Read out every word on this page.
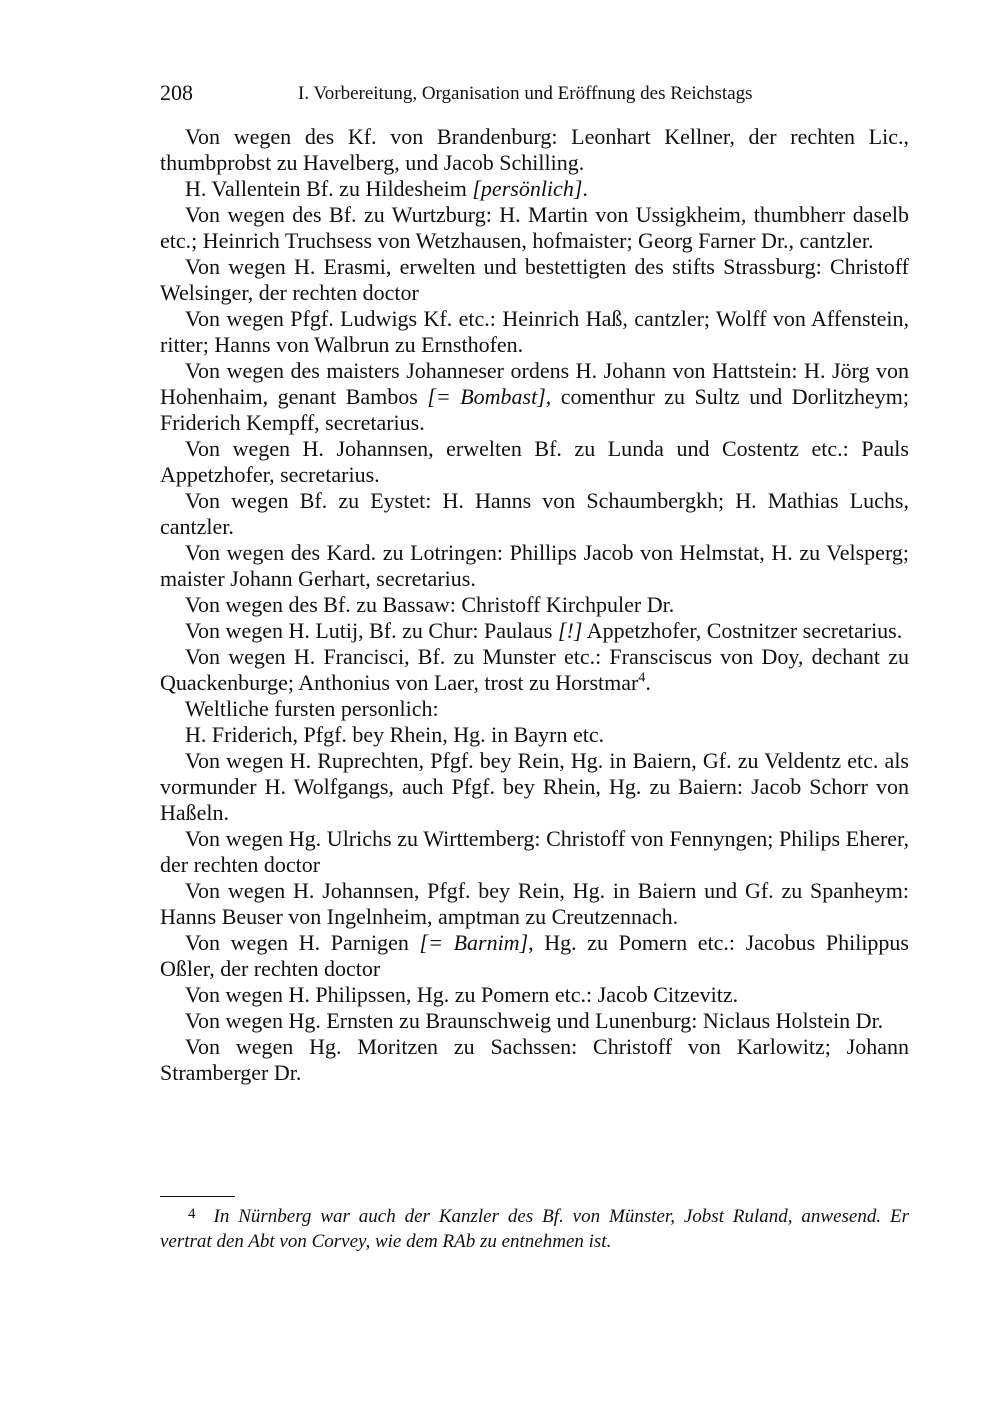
208	I. Vorbereitung, Organisation und Eröffnung des Reichstags

Von wegen des Kf. von Brandenburg: Leonhart Kellner, der rechten Lic., thumbprobst zu Havelberg, und Jacob Schilling.

H. Vallentein Bf. zu Hildesheim [persönlich].

Von wegen des Bf. zu Wurtzburg: H. Martin von Ussigkheim, thumbherr daselb etc.; Heinrich Truchsess von Wetzhausen, hofmaister; Georg Farner Dr., cantzler.

Von wegen H. Erasmi, erwelten und bestettigten des stifts Strassburg: Christoff Welsinger, der rechten doctor

Von wegen Pfgf. Ludwigs Kf. etc.: Heinrich Haß, cantzler; Wolff von Affenstein, ritter; Hanns von Walbrun zu Ernsthofen.

Von wegen des maisters Johanneser ordens H. Johann von Hattstein: H. Jörg von Hohenhaim, genant Bambos [= Bombast], comenthur zu Sultz und Dorlitzheym; Friderich Kempff, secretarius.

Von wegen H. Johannsen, erwelten Bf. zu Lunda und Costentz etc.: Pauls Appetzhofer, secretarius.

Von wegen Bf. zu Eystet: H. Hanns von Schaumbergkh; H. Mathias Luchs, cantzler.

Von wegen des Kard. zu Lotringen: Phillips Jacob von Helmstat, H. zu Velsperg; maister Johann Gerhart, secretarius.

Von wegen des Bf. zu Bassaw: Christoff Kirchpuler Dr.

Von wegen H. Lutij, Bf. zu Chur: Paulaus [!] Appetzhofer, Costnitzer secretarius.

Von wegen H. Francisci, Bf. zu Munster etc.: Fransciscus von Doy, dechant zu Quackenburge; Anthonius von Laer, trost zu Horstmar$^4$.

Weltliche fursten personlich:

H. Friderich, Pfgf. bey Rhein, Hg. in Bayrn etc.

Von wegen H. Ruprechten, Pfgf. bey Rein, Hg. in Baiern, Gf. zu Veldentz etc. als vormunder H. Wolfgangs, auch Pfgf. bey Rhein, Hg. zu Baiern: Jacob Schorr von Haßeln.

Von wegen Hg. Ulrichs zu Wirttemberg: Christoff von Fennyngen; Philips Eherer, der rechten doctor

Von wegen H. Johannsen, Pfgf. bey Rein, Hg. in Baiern und Gf. zu Spanheym: Hanns Beuser von Ingelnheim, amptman zu Creutzennach.

Von wegen H. Parnigen [= Barnim], Hg. zu Pomern etc.: Jacobus Philippus Oßler, der rechten doctor

Von wegen H. Philipssen, Hg. zu Pomern etc.: Jacob Citzevitz.

Von wegen Hg. Ernsten zu Braunschweig und Lunenburg: Niclaus Holstein Dr.

Von wegen Hg. Moritzen zu Sachssen: Christoff von Karlowitz; Johann Stramberger Dr.

$^4$ In Nürnberg war auch der Kanzler des Bf. von Münster, Jobst Ruland, anwesend. Er vertrat den Abt von Corvey, wie dem RAb zu entnehmen ist.
